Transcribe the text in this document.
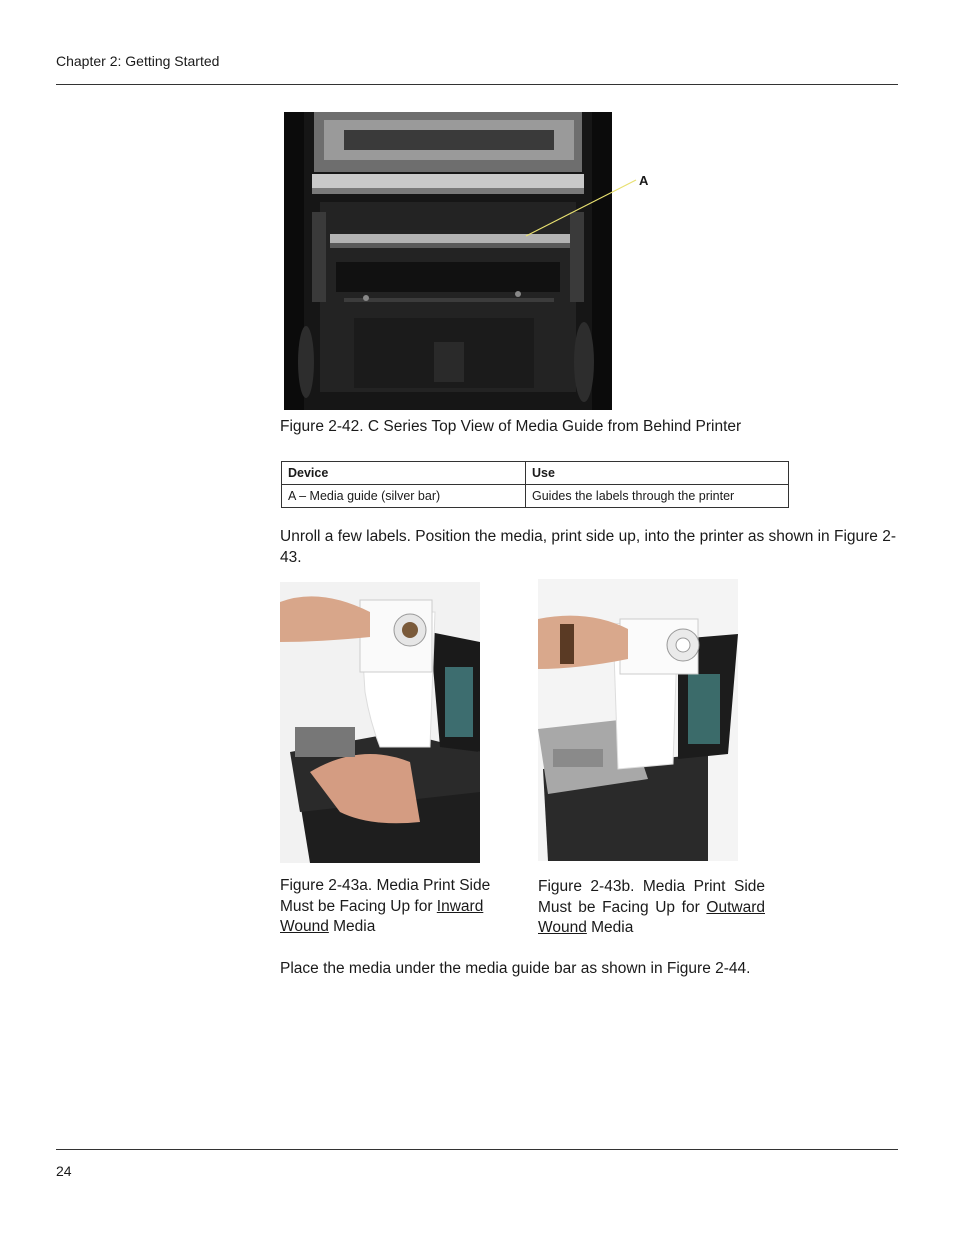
Chapter 2: Getting Started
A
Figure 2-42. C Series Top View of Media Guide from Behind Printer
Device	Use
A – Media guide (silver bar)	Guides the labels through the printer
Unroll a few labels. Position the media, print side up, into the printer as shown in Figure 2-43.
Figure 2-43a. Media Print Side Must be Facing Up for Inward Wound Media
Figure 2-43b. Media Print Side Must be Facing Up for Outward Wound Media
Place the media under the media guide bar as shown in Figure 2-44.
24
